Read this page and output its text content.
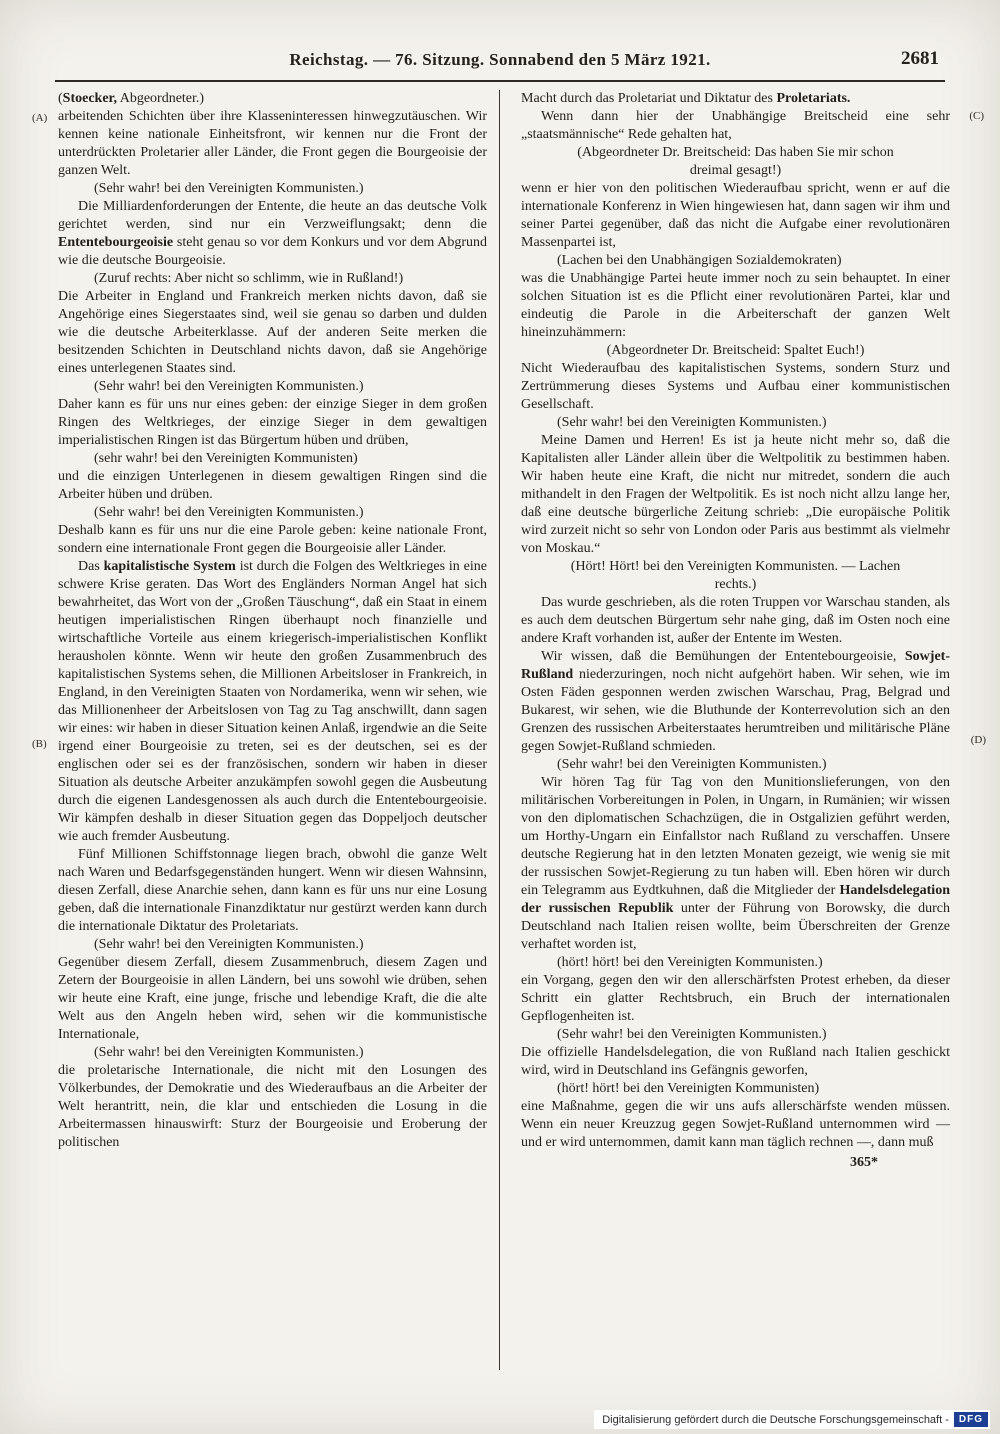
Reichstag. — 76. Sitzung. Sonnabend den 5 März 1921.	2681
(A)
(B)
(C)
(D)
(Stoecker, Abgeordneter.)
arbeitenden Schichten über ihre Klasseninteressen hinwegzutäuschen. Wir kennen keine nationale Einheitsfront, wir kennen nur die Front der unterdrückten Proletarier aller Länder, die Front gegen die Bourgeoisie der ganzen Welt.
(Sehr wahr! bei den Vereinigten Kommunisten.)
Die Milliardenforderungen der Entente, die heute an das deutsche Volk gerichtet werden, sind nur ein Verzweiflungsakt; denn die Ententebourgeoisie steht genau so vor dem Konkurs und vor dem Abgrund wie die deutsche Bourgeoisie.
(Zuruf rechts: Aber nicht so schlimm, wie in Rußland!)
Die Arbeiter in England und Frankreich merken nichts davon, daß sie Angehörige eines Siegerstaates sind, weil sie genau so darben und dulden wie die deutsche Arbeiterklasse. Auf der anderen Seite merken die besitzenden Schichten in Deutschland nichts davon, daß sie Angehörige eines unterlegenen Staates sind.
(Sehr wahr! bei den Vereinigten Kommunisten.)
Daher kann es für uns nur eines geben: der einzige Sieger in dem großen Ringen des Weltkrieges, der einzige Sieger in dem gewaltigen imperialistischen Ringen ist das Bürgertum hüben und drüben,
(sehr wahr! bei den Vereinigten Kommunisten)
und die einzigen Unterlegenen in diesem gewaltigen Ringen sind die Arbeiter hüben und drüben.
(Sehr wahr! bei den Vereinigten Kommunisten.)
Deshalb kann es für uns nur die eine Parole geben: keine nationale Front, sondern eine internationale Front gegen die Bourgeoisie aller Länder.
Das kapitalistische System ist durch die Folgen des Weltkrieges in eine schwere Krise geraten. Das Wort des Engländers Norman Angel hat sich bewahrheitet, das Wort von der „Großen Täuschung“, daß ein Staat in einem heutigen imperialistischen Ringen überhaupt noch finanzielle und wirtschaftliche Vorteile aus einem kriegerisch-imperialistischen Konflikt herausholen könnte. Wenn wir heute den großen Zusammenbruch des kapitalistischen Systems sehen, die Millionen Arbeitsloser in Frankreich, in England, in den Vereinigten Staaten von Nordamerika, wenn wir sehen, wie das Millionenheer der Arbeitslosen von Tag zu Tag anschwillt, dann sagen wir eines: wir haben in dieser Situation keinen Anlaß, irgendwie an die Seite irgend einer Bourgeoisie zu treten, sei es der deutschen, sei es der englischen oder sei es der französischen, sondern wir haben in dieser Situation als deutsche Arbeiter anzukämpfen sowohl gegen die Ausbeutung durch die eigenen Landesgenossen als auch durch die Ententebourgeoisie. Wir kämpfen deshalb in dieser Situation gegen das Doppeljoch deutscher wie auch fremder Ausbeutung.
Fünf Millionen Schiffstonnage liegen brach, obwohl die ganze Welt nach Waren und Bedarfsgegenständen hungert. Wenn wir diesen Wahnsinn, diesen Zerfall, diese Anarchie sehen, dann kann es für uns nur eine Losung geben, daß die internationale Finanzdiktatur nur gestürzt werden kann durch die internationale Diktatur des Proletariats.
(Sehr wahr! bei den Vereinigten Kommunisten.)
Gegenüber diesem Zerfall, diesem Zusammenbruch, diesem Zagen und Zetern der Bourgeoisie in allen Ländern, bei uns sowohl wie drüben, sehen wir heute eine Kraft, eine junge, frische und lebendige Kraft, die die alte Welt aus den Angeln heben wird, sehen wir die kommunistische Internationale,
(Sehr wahr! bei den Vereinigten Kommunisten.)
die proletarische Internationale, die nicht mit den Losungen des Völkerbundes, der Demokratie und des Wiederaufbaus an die Arbeiter der Welt herantritt, nein, die klar und entschieden die Losung in die Arbeitermassen hinauswirft: Sturz der Bourgeoisie und Eroberung der politischen
Macht durch das Proletariat und Diktatur des Proletariats.
Wenn dann hier der Unabhängige Breitscheid eine sehr „staatsmännische“ Rede gehalten hat,
(Abgeordneter Dr. Breitscheid: Das haben Sie mir schon dreimal gesagt!)
wenn er hier von den politischen Wiederaufbau spricht, wenn er auf die internationale Konferenz in Wien hingewiesen hat, dann sagen wir ihm und seiner Partei gegenüber, daß das nicht die Aufgabe einer revolutionären Massenpartei ist,
(Lachen bei den Unabhängigen Sozialdemokraten)
was die Unabhängige Partei heute immer noch zu sein behauptet. In einer solchen Situation ist es die Pflicht einer revolutionären Partei, klar und eindeutig die Parole in die Arbeiterschaft der ganzen Welt hineinzuhämmern:
(Abgeordneter Dr. Breitscheid: Spaltet Euch!)
Nicht Wiederaufbau des kapitalistischen Systems, sondern Sturz und Zertrümmerung dieses Systems und Aufbau einer kommunistischen Gesellschaft.
(Sehr wahr! bei den Vereinigten Kommunisten.)
Meine Damen und Herren! Es ist ja heute nicht mehr so, daß die Kapitalisten aller Länder allein über die Weltpolitik zu bestimmen haben. Wir haben heute eine Kraft, die nicht nur mitredet, sondern die auch mithandelt in den Fragen der Weltpolitik. Es ist noch nicht allzu lange her, daß eine deutsche bürgerliche Zeitung schrieb: „Die europäische Politik wird zurzeit nicht so sehr von London oder Paris aus bestimmt als vielmehr von Moskau.“
(Hört! Hört! bei den Vereinigten Kommunisten. — Lachen rechts.)
Das wurde geschrieben, als die roten Truppen vor Warschau standen, als es auch dem deutschen Bürgertum sehr nahe ging, daß im Osten noch eine andere Kraft vorhanden ist, außer der Entente im Westen.
Wir wissen, daß die Bemühungen der Ententebourgeoisie, Sowjet-Rußland niederzuringen, noch nicht aufgehört haben. Wir sehen, wie im Osten Fäden gesponnen werden zwischen Warschau, Prag, Belgrad und Bukarest, wir sehen, wie die Bluthunde der Konterrevolution sich an den Grenzen des russischen Arbeiterstaates herumtreiben und militärische Pläne gegen Sowjet-Rußland schmieden.
(Sehr wahr! bei den Vereinigten Kommunisten.)
Wir hören Tag für Tag von den Munitionslieferungen, von den militärischen Vorbereitungen in Polen, in Ungarn, in Rumänien; wir wissen von den diplomatischen Schachzügen, die in Ostgalizien geführt werden, um Horthy-Ungarn ein Einfallstor nach Rußland zu verschaffen. Unsere deutsche Regierung hat in den letzten Monaten gezeigt, wie wenig sie mit der russischen Sowjet-Regierung zu tun haben will. Eben hören wir durch ein Telegramm aus Eydtkuhnen, daß die Mitglieder der Handelsdelegation der russischen Republik unter der Führung von Borowsky, die durch Deutschland nach Italien reisen wollte, beim Überschreiten der Grenze verhaftet worden ist,
(hört! hört! bei den Vereinigten Kommunisten.)
ein Vorgang, gegen den wir den allerschärfsten Protest erheben, da dieser Schritt ein glatter Rechtsbruch, ein Bruch der internationalen Gepflogenheiten ist.
(Sehr wahr! bei den Vereinigten Kommunisten.)
Die offizielle Handelsdelegation, die von Rußland nach Italien geschickt wird, wird in Deutschland ins Gefängnis geworfen,
(hört! hört! bei den Vereinigten Kommunisten)
eine Maßnahme, gegen die wir uns aufs allerschärfste wenden müssen. Wenn ein neuer Kreuzzug gegen Sowjet-Rußland unternommen wird — und er wird unternommen, damit kann man täglich rechnen —, dann muß
365*
Digitalisierung gefördert durch die Deutsche Forschungsgemeinschaft -	DFG
